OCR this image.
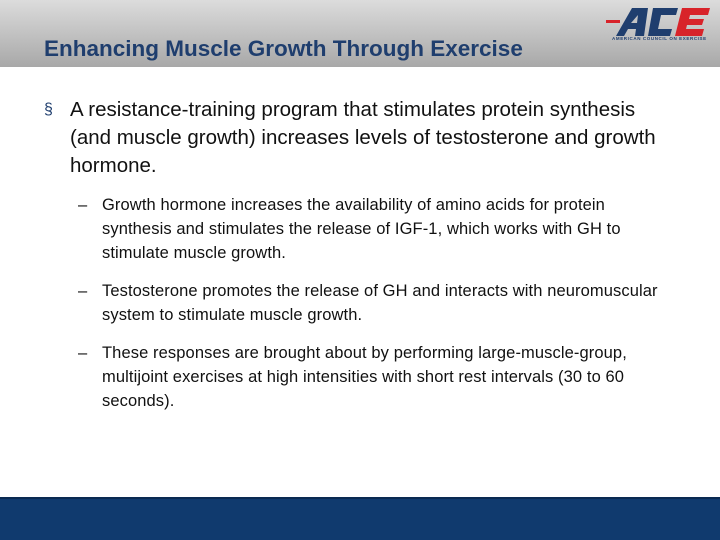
Enhancing Muscle Growth Through Exercise	AMERICAN COUNCIL ON EXERCISE

§ A resistance-training program that stimulates protein synthesis (and muscle growth) increases levels of testosterone and growth hormone.

– Growth hormone increases the availability of amino acids for protein synthesis and stimulates the release of IGF-1, which works with GH to stimulate muscle growth.

– Testosterone promotes the release of GH and interacts with neuromuscular system to stimulate muscle growth.

– These responses are brought about by performing large-muscle-group, multijoint exercises at high intensities with short rest intervals (30 to 60 seconds).
